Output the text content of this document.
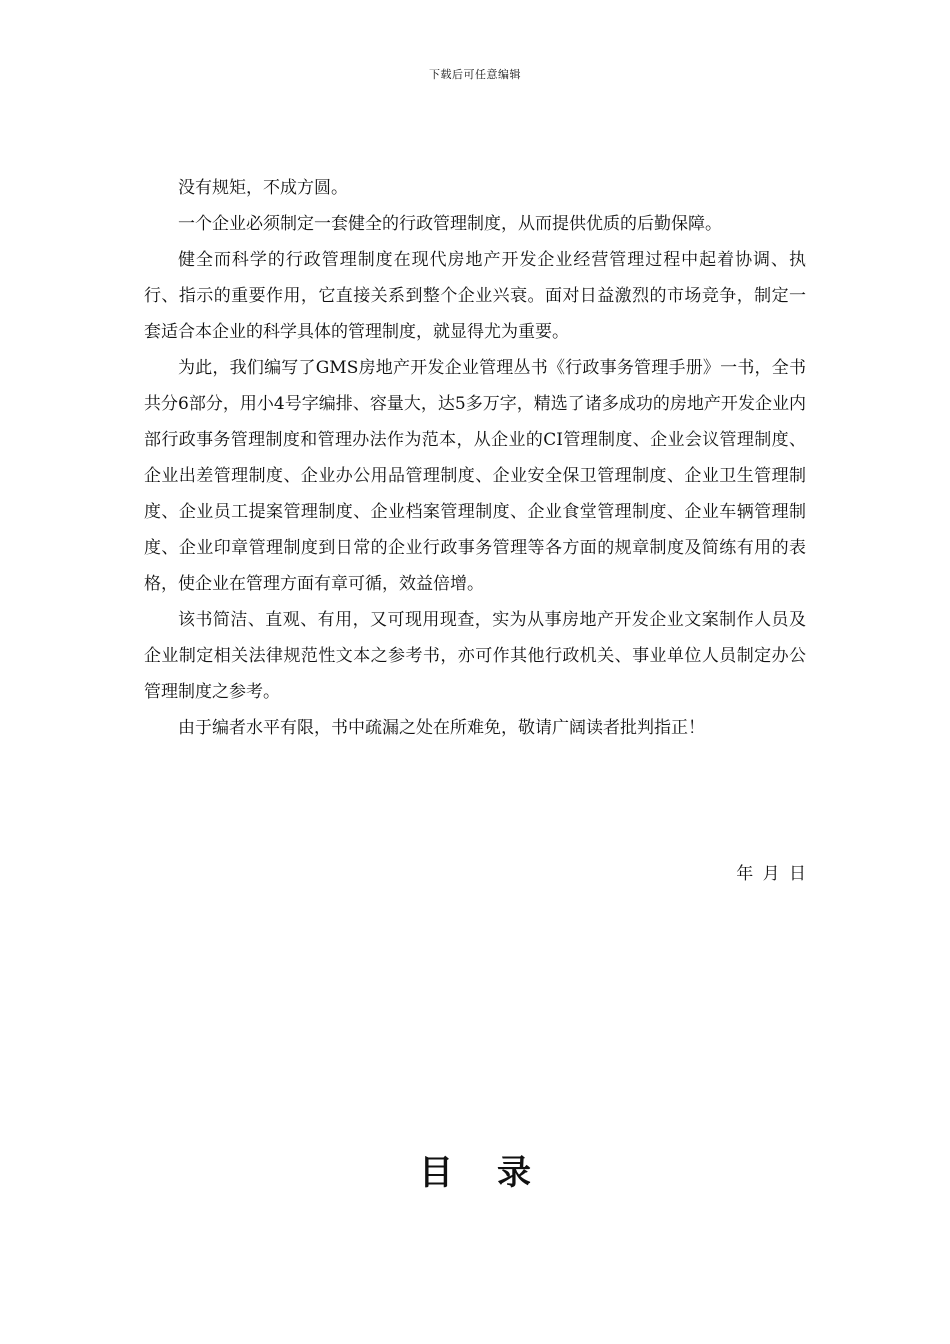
下载后可任意编辑

没有规矩，不成方圆。

一个企业必须制定一套健全的行政管理制度，从而提供优质的后勤保障。

健全而科学的行政管理制度在现代房地产开发企业经营管理过程中起着协调、执行、指示的重要作用，它直接关系到整个企业兴衰。面对日益激烈的市场竞争，制定一套适合本企业的科学具体的管理制度，就显得尤为重要。

为此，我们编写了GMS房地产开发企业管理丛书《行政事务管理手册》一书，全书共分6部分，用小4号字编排、容量大，达5多万字，精选了诸多成功的房地产开发企业内部行政事务管理制度和管理办法作为范本，从企业的CI管理制度、企业会议管理制度、企业出差管理制度、企业办公用品管理制度、企业安全保卫管理制度、企业卫生管理制度、企业员工提案管理制度、企业档案管理制度、企业食堂管理制度、企业车辆管理制度、企业印章管理制度到日常的企业行政事务管理等各方面的规章制度及简练有用的表格，使企业在管理方面有章可循，效益倍增。

该书简洁、直观、有用，又可现用现查，实为从事房地产开发企业文案制作人员及企业制定相关法律规范性文本之参考书，亦可作其他行政机关、事业单位人员制定办公管理制度之参考。

由于编者水平有限，书中疏漏之处在所难免，敬请广阔读者批判指正！

年 月 日
目录
